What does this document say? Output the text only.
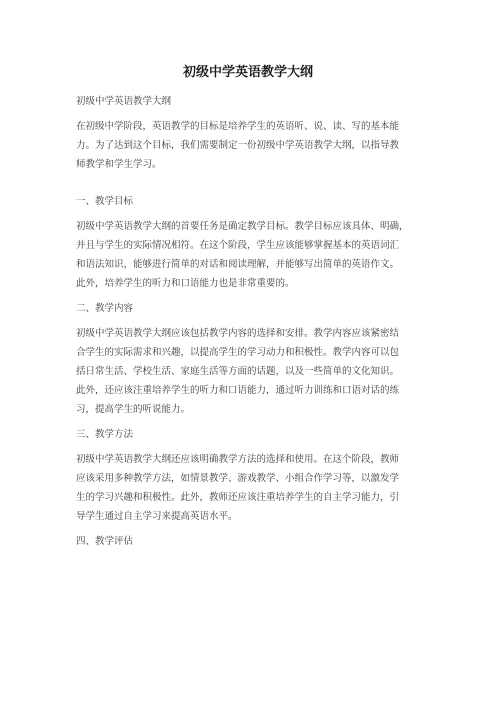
初级中学英语教学大纲
初级中学英语教学大纲
在初级中学阶段，英语教学的目标是培养学生的英语听、说、读、写的基本能
力。为了达到这个目标，我们需要制定一份初级中学英语教学大纲，以指导教
师教学和学生学习。
一、教学目标
初级中学英语教学大纲的首要任务是确定教学目标。教学目标应该具体、明确，
并且与学生的实际情况相符。在这个阶段，学生应该能够掌握基本的英语词汇
和语法知识，能够进行简单的对话和阅读理解，并能够写出简单的英语作文。
此外，培养学生的听力和口语能力也是非常重要的。
二、教学内容
初级中学英语教学大纲应该包括教学内容的选择和安排。教学内容应该紧密结
合学生的实际需求和兴趣，以提高学生的学习动力和积极性。教学内容可以包
括日常生活、学校生活、家庭生活等方面的话题，以及一些简单的文化知识。
此外，还应该注重培养学生的听力和口语能力，通过听力训练和口语对话的练
习，提高学生的听说能力。
三、教学方法
初级中学英语教学大纲还应该明确教学方法的选择和使用。在这个阶段，教师
应该采用多种教学方法，如情景教学、游戏教学、小组合作学习等，以激发学
生的学习兴趣和积极性。此外，教师还应该注重培养学生的自主学习能力，引
导学生通过自主学习来提高英语水平。
四、教学评估
